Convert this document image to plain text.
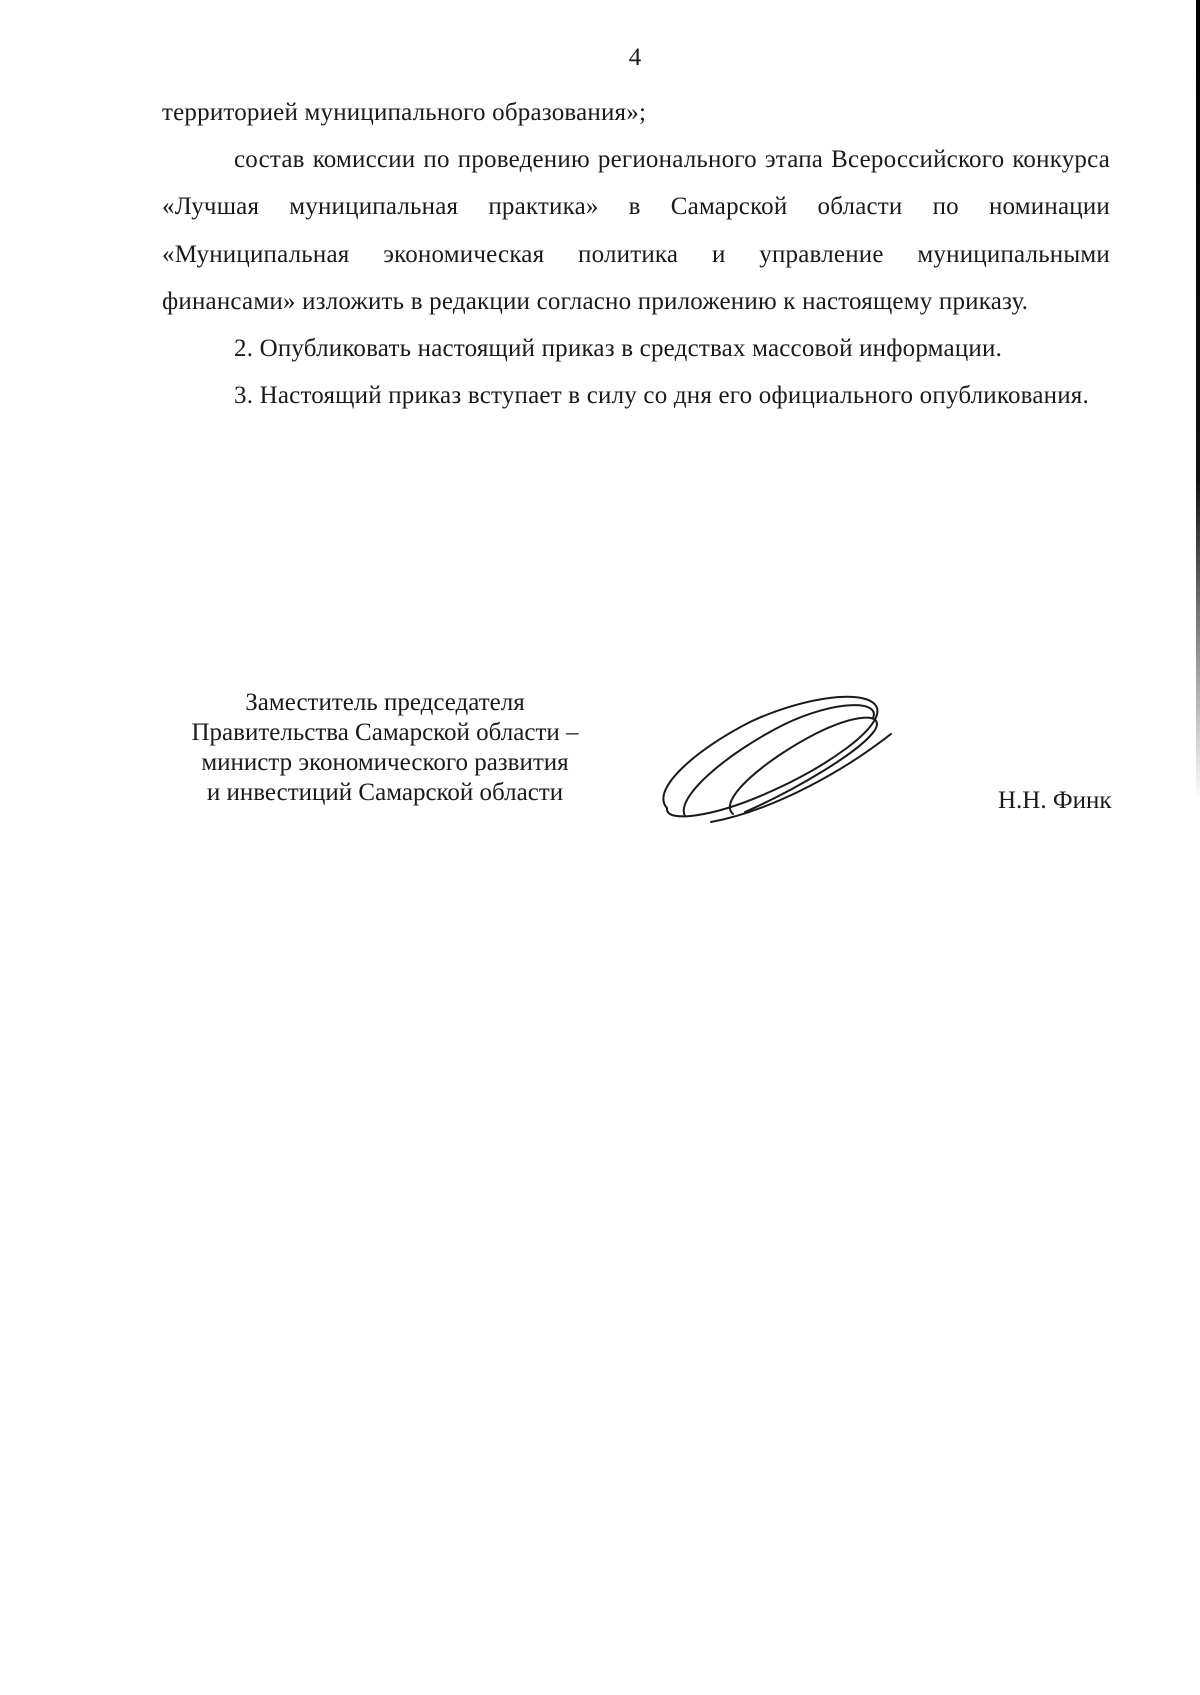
4

территорией муниципального образования»;

состав комиссии по проведению регионального этапа Всероссийского конкурса «Лучшая муниципальная практика» в Самарской области по номинации «Муниципальная экономическая политика и управление муниципальными финансами» изложить в редакции согласно приложению к настоящему приказу.

2. Опубликовать настоящий приказ в средствах массовой информации.

3. Настоящий приказ вступает в силу со дня его официального опубликования.

Заместитель председателя
Правительства Самарской области –
министр экономического развития
и инвестиций Самарской области	Н.Н. Финк
